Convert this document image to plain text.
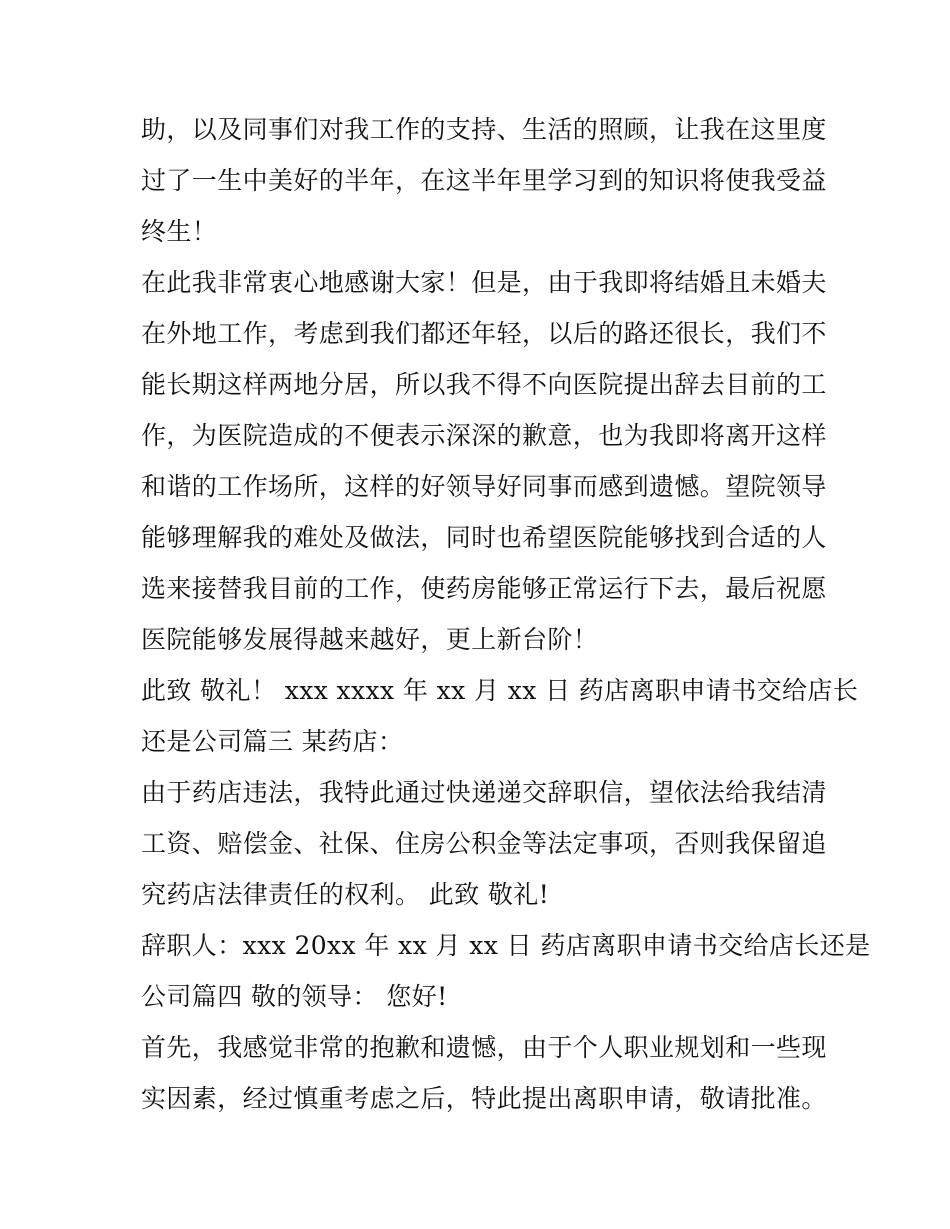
助，以及同事们对我工作的支持、生活的照顾，让我在这里度
过了一生中美好的半年，在这半年里学习到的知识将使我受益
终生！
在此我非常衷心地感谢大家！但是，由于我即将结婚且未婚夫
在外地工作，考虑到我们都还年轻，以后的路还很长，我们不
能长期这样两地分居，所以我不得不向医院提出辞去目前的工
作，为医院造成的不便表示深深的歉意，也为我即将离开这样
和谐的工作场所，这样的好领导好同事而感到遗憾。望院领导
能够理解我的难处及做法，同时也希望医院能够找到合适的人
选来接替我目前的工作，使药房能够正常运行下去，最后祝愿
医院能够发展得越来越好，更上新台阶！
此致 敬礼！ xxx xxxx 年 xx 月 xx 日 药店离职申请书交给店长
还是公司篇三 某药店：
由于药店违法，我特此通过快递递交辞职信，望依法给我结清
工资、赔偿金、社保、住房公积金等法定事项，否则我保留追
究药店法律责任的权利。 此致 敬礼!
辞职人：xxx 20xx 年 xx 月 xx 日 药店离职申请书交给店长还是
公司篇四 敬的领导： 您好!
首先，我感觉非常的抱歉和遗憾，由于个人职业规划和一些现
实因素，经过慎重考虑之后，特此提出离职申请，敬请批准。
